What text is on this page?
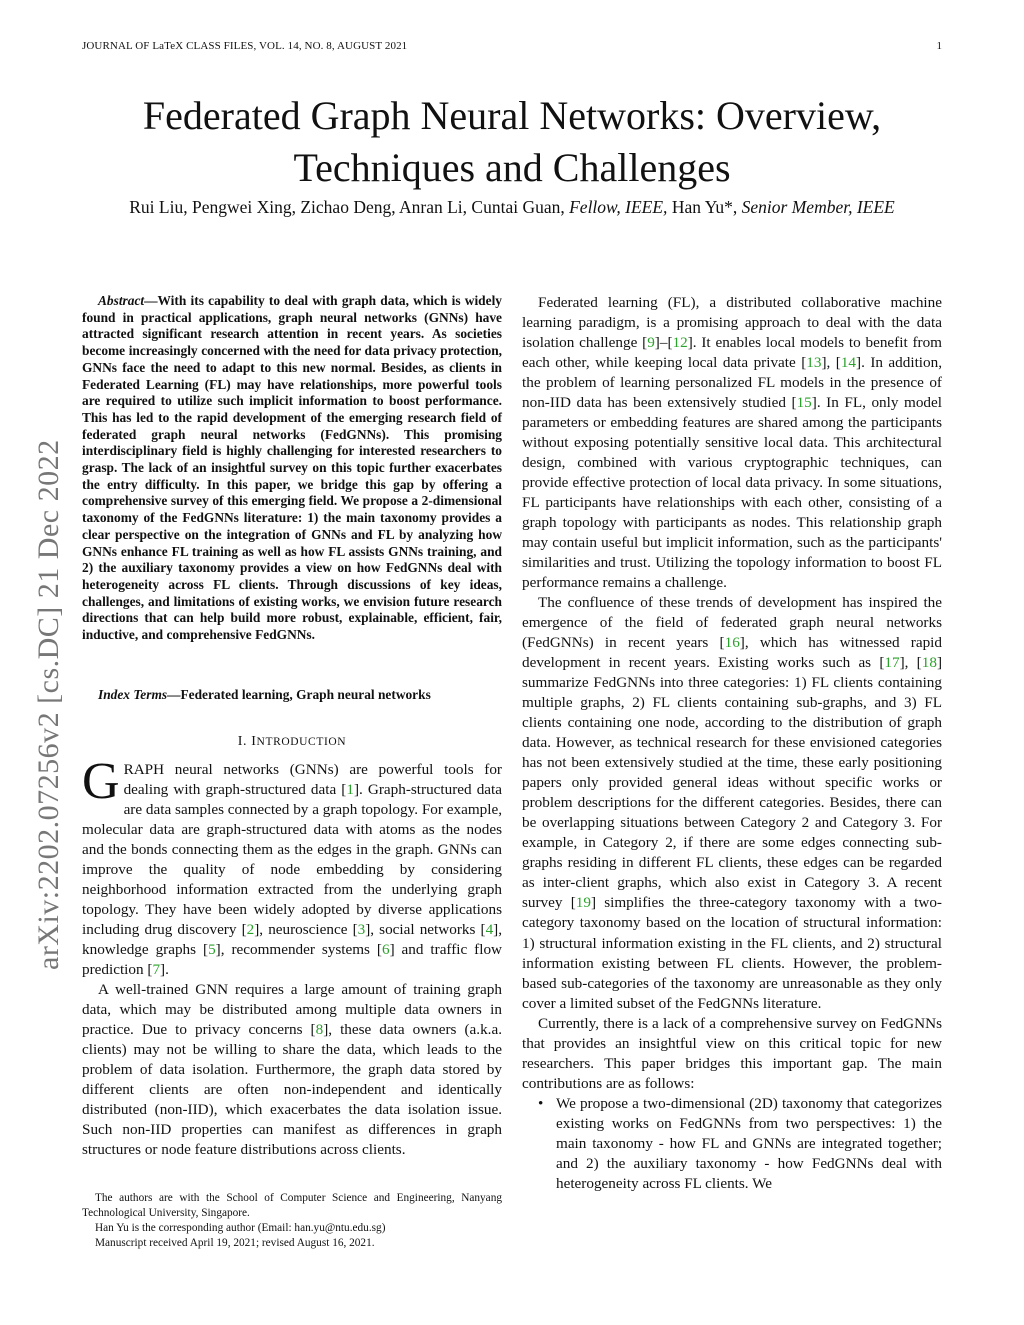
JOURNAL OF LaTeX CLASS FILES, VOL. 14, NO. 8, AUGUST 2021	1
Federated Graph Neural Networks: Overview,
Techniques and Challenges
Rui Liu, Pengwei Xing, Zichao Deng, Anran Li, Cuntai Guan, Fellow, IEEE, Han Yu*, Senior Member, IEEE
arXiv:2202.07256v2 [cs.DC] 21 Dec 2022
Abstract—With its capability to deal with graph data, which is widely found in practical applications, graph neural networks (GNNs) have attracted significant research attention in recent years. As societies become increasingly concerned with the need for data privacy protection, GNNs face the need to adapt to this new normal. Besides, as clients in Federated Learning (FL) may have relationships, more powerful tools are required to utilize such implicit information to boost performance. This has led to the rapid development of the emerging research field of federated graph neural networks (FedGNNs). This promising interdisciplinary field is highly challenging for interested researchers to grasp. The lack of an insightful survey on this topic further exacerbates the entry difficulty. In this paper, we bridge this gap by offering a comprehensive survey of this emerging field. We propose a 2-dimensional taxonomy of the FedGNNs literature: 1) the main taxonomy provides a clear perspective on the integration of GNNs and FL by analyzing how GNNs enhance FL training as well as how FL assists GNNs training, and 2) the auxiliary taxonomy provides a view on how FedGNNs deal with heterogeneity across FL clients. Through discussions of key ideas, challenges, and limitations of existing works, we envision future research directions that can help build more robust, explainable, efficient, fair, inductive, and comprehensive FedGNNs.
Index Terms—Federated learning, Graph neural networks
I. INTRODUCTION

GRAPH neural networks (GNNs) are powerful tools for dealing with graph-structured data [1]. Graph-structured data are data samples connected by a graph topology. For example, molecular data are graph-structured data with atoms as the nodes and the bonds connecting them as the edges in the graph. GNNs can improve the quality of node embedding by considering neighborhood information extracted from the underlying graph topology. They have been widely adopted by diverse applications including drug discovery [2], neuroscience [3], social networks [4], knowledge graphs [5], recommender systems [6] and traffic flow prediction [7].

A well-trained GNN requires a large amount of training graph data, which may be distributed among multiple data owners in practice. Due to privacy concerns [8], these data owners (a.k.a. clients) may not be willing to share the data, which leads to the problem of data isolation. Furthermore, the graph data stored by different clients are often non-independent and identically distributed (non-IID), which exacerbates the data isolation issue. Such non-IID properties can manifest as differences in graph structures or node feature distributions across clients.

The authors are with the School of Computer Science and Engineering, Nanyang Technological University, Singapore.

Han Yu is the corresponding author (Email: han.yu@ntu.edu.sg)

Manuscript received April 19, 2021; revised August 16, 2021.

Federated learning (FL), a distributed collaborative machine learning paradigm, is a promising approach to deal with the data isolation challenge [9]–[12]. It enables local models to benefit from each other, while keeping local data private [13], [14]. In addition, the problem of learning personalized FL models in the presence of non-IID data has been extensively studied [15]. In FL, only model parameters or embedding features are shared among the participants without exposing potentially sensitive local data. This architectural design, combined with various cryptographic techniques, can provide effective protection of local data privacy. In some situations, FL participants have relationships with each other, consisting of a graph topology with participants as nodes. This relationship graph may contain useful but implicit information, such as the participants' similarities and trust. Utilizing the topology information to boost FL performance remains a challenge.

The confluence of these trends of development has inspired the emergence of the field of federated graph neural networks (FedGNNs) in recent years [16], which has witnessed rapid development in recent years. Existing works such as [17], [18] summarize FedGNNs into three categories: 1) FL clients containing multiple graphs, 2) FL clients containing sub-graphs, and 3) FL clients containing one node, according to the distribution of graph data. However, as technical research for these envisioned categories has not been extensively studied at the time, these early positioning papers only provided general ideas without specific works or problem descriptions for the different categories. Besides, there can be overlapping situations between Category 2 and Category 3. For example, in Category 2, if there are some edges connecting sub-graphs residing in different FL clients, these edges can be regarded as inter-client graphs, which also exist in Category 3. A recent survey [19] simplifies the three-category taxonomy with a two-category taxonomy based on the location of structural information: 1) structural information existing in the FL clients, and 2) structural information existing between FL clients. However, the problem-based sub-categories of the taxonomy are unreasonable as they only cover a limited subset of the FedGNNs literature.

Currently, there is a lack of a comprehensive survey on FedGNNs that provides an insightful view on this critical topic for new researchers. This paper bridges this important gap. The main contributions are as follows:

• We propose a two-dimensional (2D) taxonomy that categorizes existing works on FedGNNs from two perspectives: 1) the main taxonomy - how FL and GNNs are integrated together; and 2) the auxiliary taxonomy - how FedGNNs deal with heterogeneity across FL clients. We
